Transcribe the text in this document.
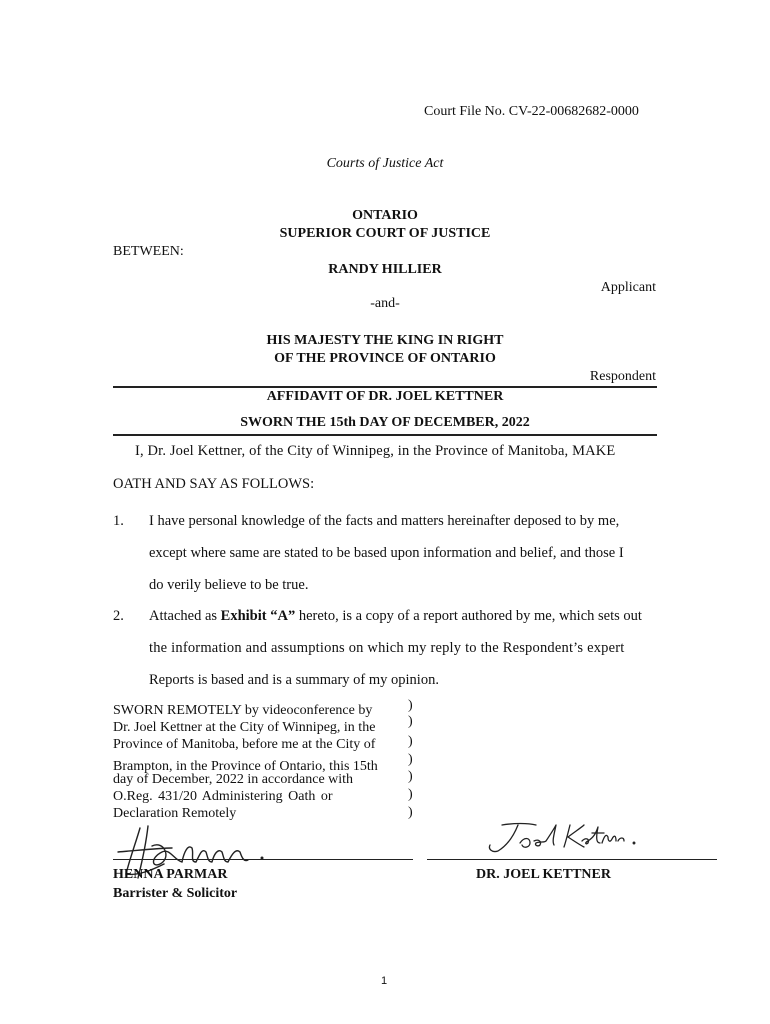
Court File No. CV-22-00682682-0000
Courts of Justice Act
ONTARIO
SUPERIOR COURT OF JUSTICE
BETWEEN:
RANDY HILLIER
Applicant
-and-
HIS MAJESTY THE KING IN RIGHT
OF THE PROVINCE OF ONTARIO
Respondent
AFFIDAVIT OF DR. JOEL KETTNER
SWORN THE 15th DAY OF DECEMBER, 2022
I, Dr. Joel Kettner, of the City of Winnipeg, in the Province of Manitoba, MAKE
OATH AND SAY AS FOLLOWS:
1. I have personal knowledge of the facts and matters hereinafter deposed to by me,
except where same are stated to be based upon information and belief, and those I
do verily believe to be true.
2. Attached as Exhibit “A” hereto, is a copy of a report authored by me, which sets out
the information and assumptions on which my reply to the Respondent’s expert
Reports is based and is a summary of my opinion.
SWORN REMOTELY by videoconference by
Dr. Joel Kettner at the City of Winnipeg, in the
Province of Manitoba, before me at the City of
Brampton, in the Province of Ontario, this 15th
day of December, 2022 in accordance with
O.Reg. 431/20 Administering Oath or
Declaration Remotely
)
)
)
)
)
)
)
HENNA PARMAR
Barrister & Solicitor
DR. JOEL KETTNER
1
